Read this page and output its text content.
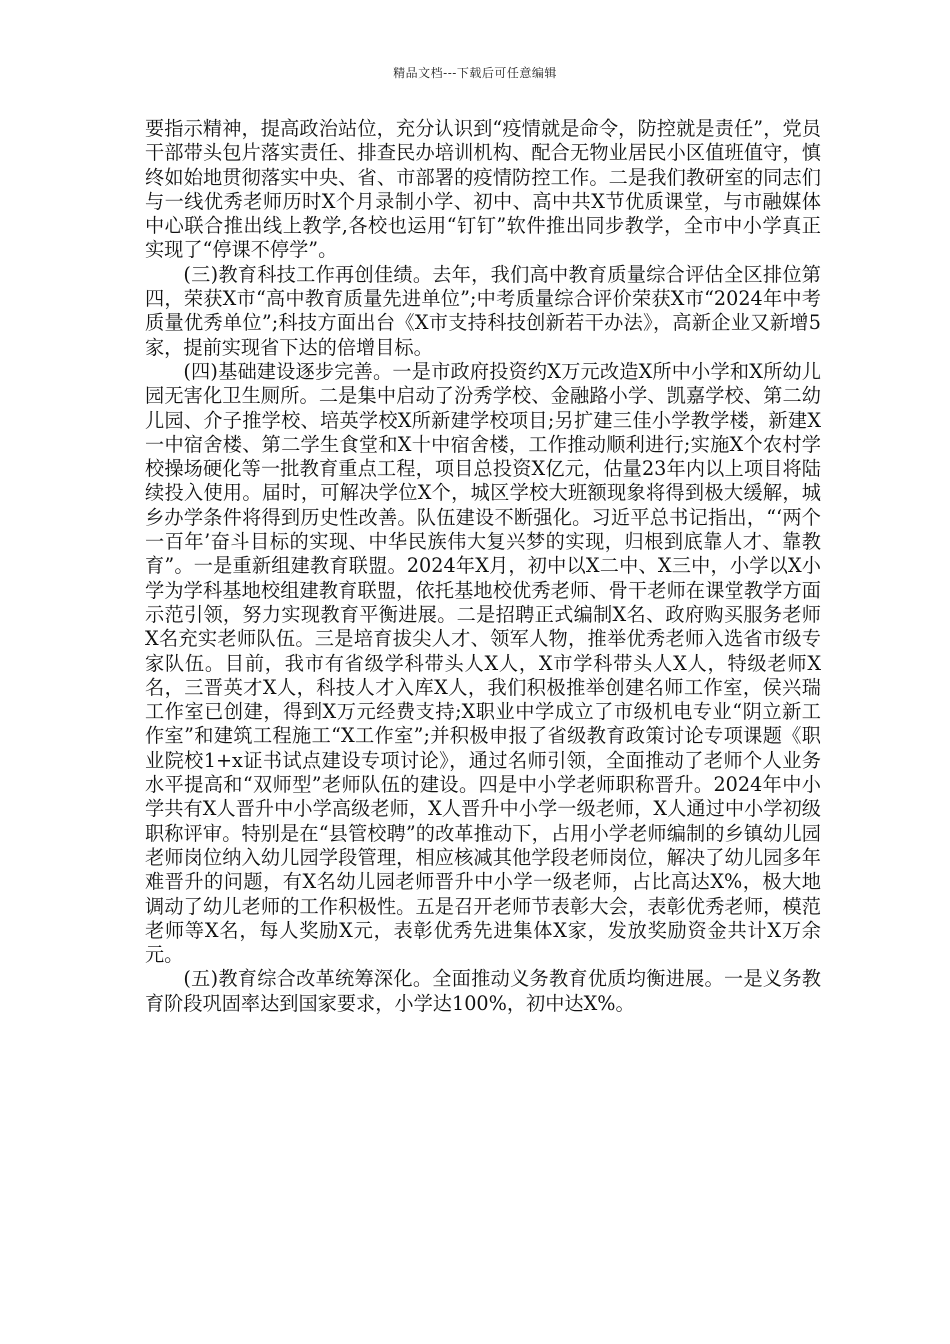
精品文档---下载后可任意编辑

要指示精神，提高政治站位，充分认识到“疫情就是命令，防控就是责任”，党员干部带头包片落实责任、排查民办培训机构、配合无物业居民小区值班值守，慎终如始地贯彻落实中央、省、市部署的疫情防控工作。二是我们教研室的同志们与一线优秀老师历时X个月录制小学、初中、高中共X节优质课堂，与市融媒体中心联合推出线上教学,各校也运用“钉钉”软件推出同步教学，全市中小学真正实现了“停课不停学”。

(三)教育科技工作再创佳绩。去年，我们高中教育质量综合评估全区排位第四，荣获X市“高中教育质量先进单位”;中考质量综合评价荣获X市“2024年中考质量优秀单位”;科技方面出台《X市支持科技创新若干办法》，高新企业又新增5家，提前实现省下达的倍增目标。

(四)基础建设逐步完善。一是市政府投资约X万元改造X所中小学和X所幼儿园无害化卫生厕所。二是集中启动了汾秀学校、金融路小学、凯嘉学校、第二幼儿园、介子推学校、培英学校X所新建学校项目;另扩建三佳小学教学楼，新建X一中宿舍楼、第二学生食堂和X十中宿舍楼，工作推动顺利进行;实施X个农村学校操场硬化等一批教育重点工程，项目总投资X亿元，估量23年内以上项目将陆续投入使用。届时，可解决学位X个，城区学校大班额现象将得到极大缓解，城乡办学条件将得到历史性改善。队伍建设不断强化。习近平总书记指出，“‘两个一百年’奋斗目标的实现、中华民族伟大复兴梦的实现，归根到底靠人才、靠教育”。一是重新组建教育联盟。2024年X月，初中以X二中、X三中，小学以X小学为学科基地校组建教育联盟，依托基地校优秀老师、骨干老师在课堂教学方面示范引领，努力实现教育平衡进展。二是招聘正式编制X名、政府购买服务老师X名充实老师队伍。三是培育拔尖人才、领军人物，推举优秀老师入选省市级专家队伍。目前，我市有省级学科带头人X人，X市学科带头人X人，特级老师X名，三晋英才X人，科技人才入库X人，我们积极推举创建名师工作室，侯兴瑞工作室已创建，得到X万元经费支持;X职业中学成立了市级机电专业“阴立新工作室”和建筑工程施工“X工作室”;并积极申报了省级教育政策讨论专项课题《职业院校1+x证书试点建设专项讨论》，通过名师引领，全面推动了老师个人业务水平提高和“双师型”老师队伍的建设。四是中小学老师职称晋升。2024年中小学共有X人晋升中小学高级老师，X人晋升中小学一级老师，X人通过中小学初级职称评审。特别是在“县管校聘”的改革推动下，占用小学老师编制的乡镇幼儿园老师岗位纳入幼儿园学段管理，相应核减其他学段老师岗位，解决了幼儿园多年难晋升的问题，有X名幼儿园老师晋升中小学一级老师，占比高达X%，极大地调动了幼儿老师的工作积极性。五是召开老师节表彰大会，表彰优秀老师，模范老师等X名，每人奖励X元，表彰优秀先进集体X家，发放奖励资金共计X万余元。

(五)教育综合改革统筹深化。全面推动义务教育优质均衡进展。一是义务教育阶段巩固率达到国家要求，小学达100%，初中达X%。
